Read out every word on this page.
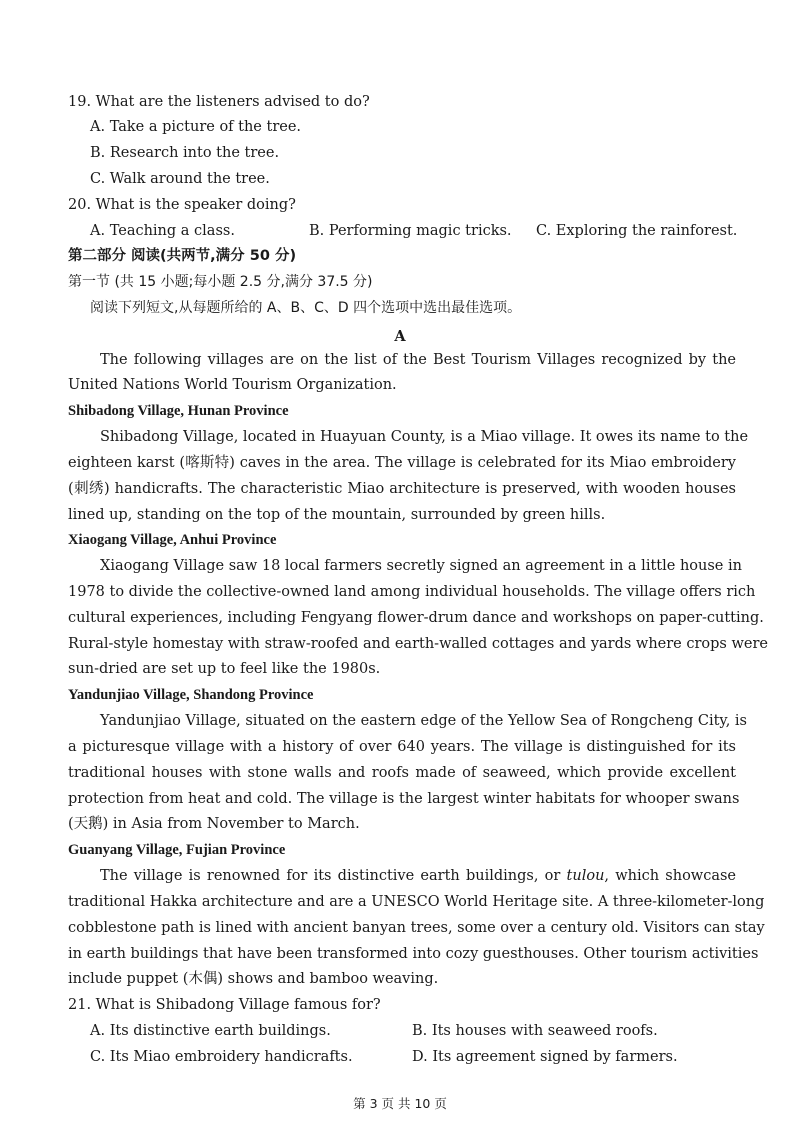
19. What are the listeners advised to do?
A. Take a picture of the tree.
B. Research into the tree.
C. Walk around the tree.
20. What is the speaker doing?
A. Teaching a class.	B. Performing magic tricks. C. Exploring the rainforest.
第二部分 阅读(共两节,满分 50 分)
第一节 (共 15 小题;每小题 2.5 分,满分 37.5 分)
阅读下列短文,从每题所给的 A、B、C、D 四个选项中选出最佳选项。
A
The following villages are on the list of the Best Tourism Villages recognized by the
United Nations World Tourism Organization.
Shibadong Village, Hunan Province
Shibadong Village, located in Huayuan County, is a Miao village. It owes its name to the
eighteen karst (喀斯特) caves in the area. The village is celebrated for its Miao embroidery
(刺绣) handicrafts. The characteristic Miao architecture is preserved, with wooden houses
lined up, standing on the top of the mountain, surrounded by green hills.
Xiaogang Village, Anhui Province
Xiaogang Village saw 18 local farmers secretly signed an agreement in a little house in
1978 to divide the collective-owned land among individual households. The village offers rich
cultural experiences, including Fengyang flower-drum dance and workshops on paper-cutting.
Rural-style homestay with straw-roofed and earth-walled cottages and yards where crops were
sun-dried are set up to feel like the 1980s.
Yandunjiao Village, Shandong Province
Yandunjiao Village, situated on the eastern edge of the Yellow Sea of Rongcheng City, is
a picturesque village with a history of over 640 years. The village is distinguished for its
traditional houses with stone walls and roofs made of seaweed, which provide excellent
protection from heat and cold. The village is the largest winter habitats for whooper swans
(天鹅) in Asia from November to March.
Guanyang Village, Fujian Province
The village is renowned for its distinctive earth buildings, or tulou, which showcase
traditional Hakka architecture and are a UNESCO World Heritage site. A three-kilometer-long
cobblestone path is lined with ancient banyan trees, some over a century old. Visitors can stay
in earth buildings that have been transformed into cozy guesthouses. Other tourism activities
include puppet (木偶) shows and bamboo weaving.
21. What is Shibadong Village famous for?
A. Its distinctive earth buildings.	B. Its houses with seaweed roofs.
C. Its Miao embroidery handicrafts.	D. Its agreement signed by farmers.
第 3 页 共 10 页
